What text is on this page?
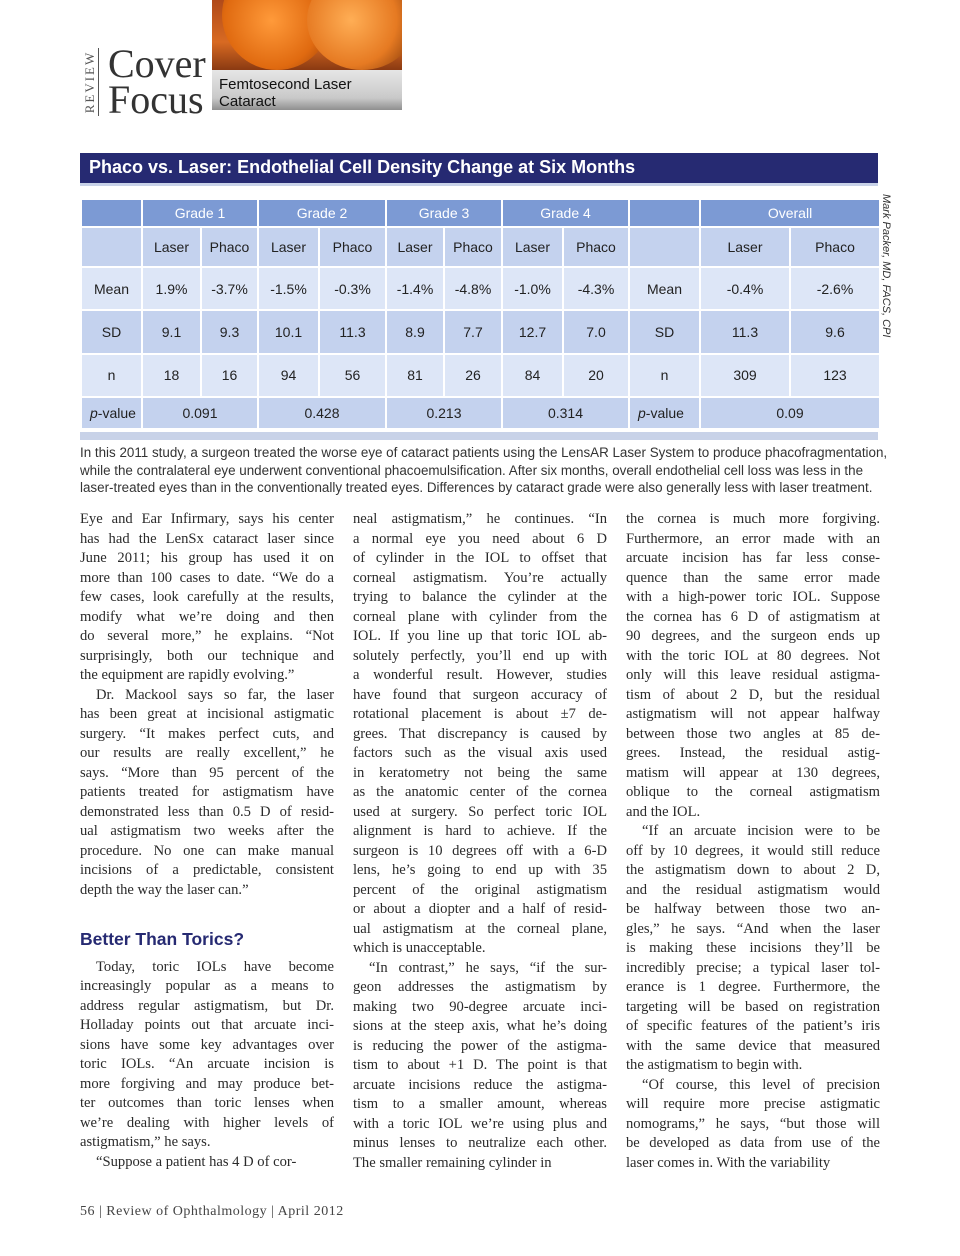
REVIEW Cover
Focus Femtosecond Laser Cataract
Phaco vs. Laser: Endothelial Cell Density Change at Six Months
	Grade 1		Grade 2		Grade 3		Grade 4			Overall	
	Laser	Phaco	Laser	Phaco	Laser	Phaco	Laser	Phaco		Laser	Phaco
Mean	1.9%	-3.7%	-1.5%	-0.3%	-1.4%	-4.8%	-1.0%	-4.3%	Mean	-0.4%	-2.6%
SD	9.1	9.3	10.1	11.3	8.9	7.7	12.7	7.0	SD	11.3	9.6
n	18	16	94	56	81	26	84	20	n	309	123
p-value	0.091		0.428		0.213		0.314		p-value	0.09	
Mark Packer, MD, FACS, CPI
In this 2011 study, a surgeon treated the worse eye of cataract patients using the LensAR Laser System to produce phacofragmentation,
while the contralateral eye underwent conventional phacoemulsification. After six months, overall endothelial cell loss was less in the
laser-treated eyes than in the conventionally treated eyes. Differences by cataract grade were also generally less with laser treatment.
Eye and Ear Infirmary, says his center
has had the LenSx cataract laser since
June 2011; his group has used it on
more than 100 cases to date. “We do a
few cases, look carefully at the results,
modify what we’re doing and then
do several more,” he explains. “Not
surprisingly, both our technique and
the equipment are rapidly evolving.”
Dr. Mackool says so far, the laser
has been great at incisional astigmatic
surgery. “It makes perfect cuts, and
our results are really excellent,” he
says. “More than 95 percent of the
patients treated for astigmatism have
demonstrated less than 0.5 D of resid-
ual astigmatism two weeks after the
procedure. No one can make manual
incisions of a predictable, consistent
depth the way the laser can.”
Better Than Torics?
Today, toric IOLs have become
increasingly popular as a means to
address regular astigmatism, but Dr.
Holladay points out that arcuate inci-
sions have some key advantages over
toric IOLs. “An arcuate incision is
more forgiving and may produce bet-
ter outcomes than toric lenses when
we’re dealing with higher levels of
astigmatism,” he says.
“Suppose a patient has 4 D of cor-
neal astigmatism,” he continues. “In
a normal eye you need about 6 D
of cylinder in the IOL to offset that
corneal astigmatism. You’re actually
trying to balance the cylinder at the
corneal plane with cylinder from the
IOL. If you line up that toric IOL ab-
solutely perfectly, you’ll end up with
a wonderful result. However, studies
have found that surgeon accuracy of
rotational placement is about ±7 de-
grees. That discrepancy is caused by
factors such as the visual axis used
in keratometry not being the same
as the anatomic center of the cornea
used at surgery. So perfect toric IOL
alignment is hard to achieve. If the
surgeon is 10 degrees off with a 6-D
lens, he’s going to end up with 35
percent of the original astigmatism
or about a diopter and a half of resid-
ual astigmatism at the corneal plane,
which is unacceptable.
“In contrast,” he says, “if the sur-
geon addresses the astigmatism by
making two 90-degree arcuate inci-
sions at the steep axis, what he’s doing
is reducing the power of the astigma-
tism to about +1 D. The point is that
arcuate incisions reduce the astigma-
tism to a smaller amount, whereas
with a toric IOL we’re using plus and
minus lenses to neutralize each other.
The smaller remaining cylinder in
the cornea is much more forgiving.
Furthermore, an error made with an
arcuate incision has far less conse-
quence than the same error made
with a high-power toric IOL. Suppose
the cornea has 6 D of astigmatism at
90 degrees, and the surgeon ends up
with the toric IOL at 80 degrees. Not
only will this leave residual astigma-
tism of about 2 D, but the residual
astigmatism will not appear halfway
between those two angles at 85 de-
grees. Instead, the residual astig-
matism will appear at 130 degrees,
oblique to the corneal astigmatism
and the IOL.
“If an arcuate incision were to be
off by 10 degrees, it would still reduce
the astigmatism down to about 2 D,
and the residual astigmatism would
be halfway between those two an-
gles,” he says. “And when the laser
is making these incisions they’ll be
incredibly precise; a typical laser tol-
erance is 1 degree. Furthermore, the
targeting will be based on registration
of specific features of the patient’s iris
with the same device that measured
the astigmatism to begin with.
“Of course, this level of precision
will require more precise astigmatic
nomograms,” he says, “but those will
be developed as data from use of the
laser comes in. With the variability
56 | Review of Ophthalmology | April 2012
